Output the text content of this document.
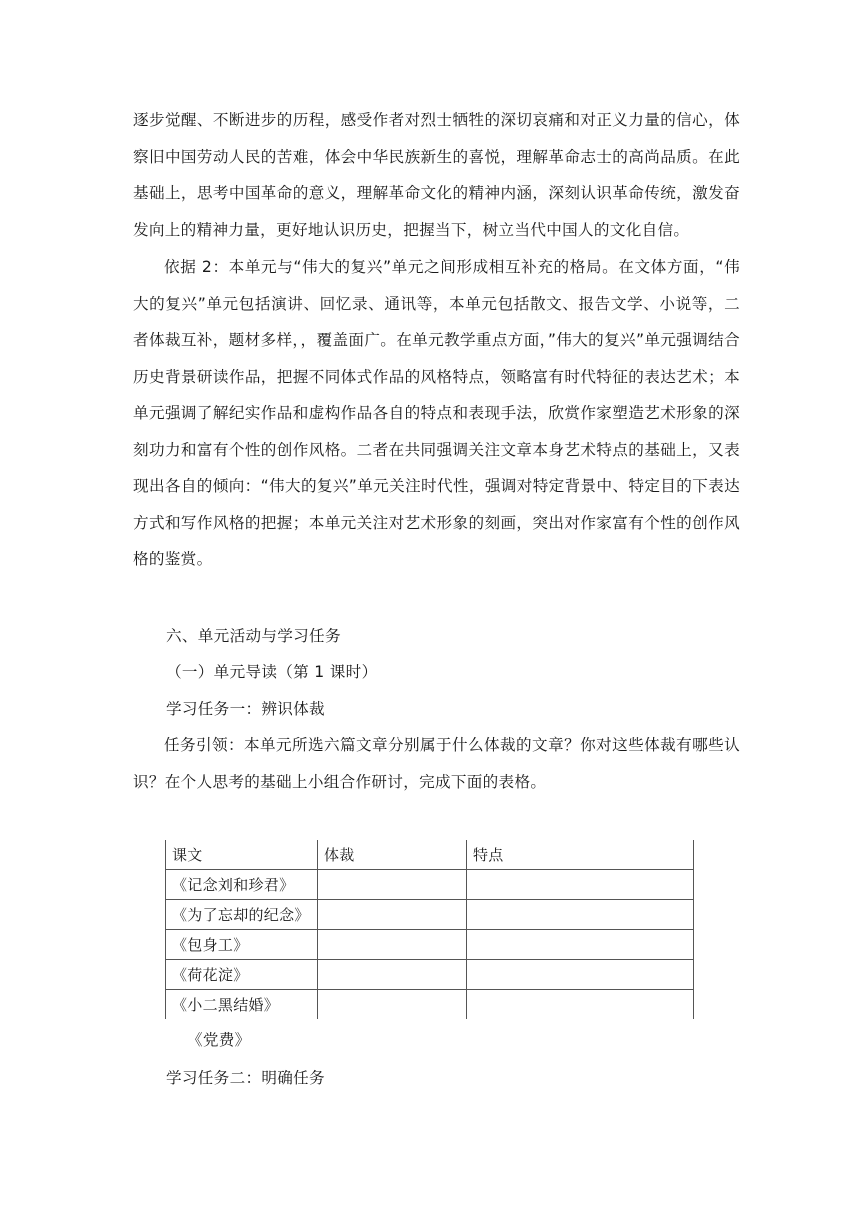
逐步觉醒、不断进步的历程，感受作者对烈士牺牲的深切哀痛和对正义力量的信心，体察旧中国劳动人民的苦难，体会中华民族新生的喜悦，理解革命志士的高尚品质。在此基础上，思考中国革命的意义，理解革命文化的精神内涵，深刻认识革命传统，激发奋发向上的精神力量，更好地认识历史，把握当下，树立当代中国人的文化自信。

依据 2：本单元与“伟大的复兴”单元之间形成相互补充的格局。在文体方面，“伟大的复兴”单元包括演讲、回忆录、通讯等，本单元包括散文、报告文学、小说等，二者体裁互补，题材多样，，覆盖面广。在单元教学重点方面，”伟大的复兴”单元强调结合历史背景研读作品，把握不同体式作品的风格特点，领略富有时代特征的表达艺术；本单元强调了解纪实作品和虚构作品各自的特点和表现手法，欣赏作家塑造艺术形象的深刻功力和富有个性的创作风格。二者在共同强调关注文章本身艺术特点的基础上，又表现出各自的倾向：“伟大的复兴”单元关注时代性，强调对特定背景中、特定目的下表达方式和写作风格的把握；本单元关注对艺术形象的刻画，突出对作家富有个性的创作风格的鉴赏。

六、单元活动与学习任务

（一）单元导读（第 1 课时）

学习任务一：辨识体裁

任务引领：本单元所选六篇文章分别属于什么体裁的文章？你对这些体裁有哪些认识？在个人思考的基础上小组合作研讨，完成下面的表格。

课文	体裁	特点
《记念刘和珍君》		
《为了忘却的纪念》		
《包身工》		
《荷花淀》		
《小二黑结婚》		

《党费》

学习任务二：明确任务
